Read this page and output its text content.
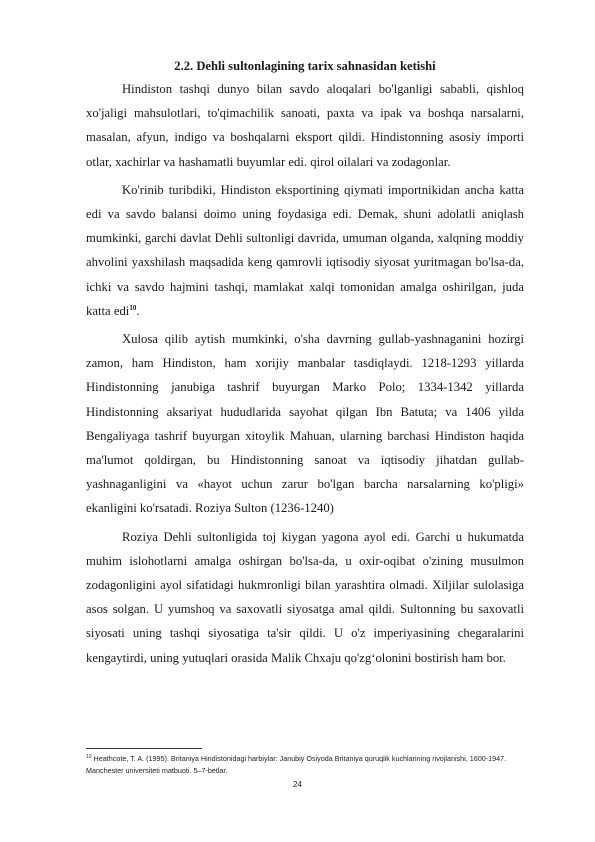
2.2. Dehli sultonlagining tarix sahnasidan ketishi

Hindiston tashqi dunyo bilan savdo aloqalari bo'lganligi sababli, qishloq xo'jaligi mahsulotlari, to'qimachilik sanoati, paxta va ipak va boshqa narsalarni, masalan, afyun, indigo va boshqalarni eksport qildi. Hindistonning asosiy importi otlar, xachirlar va hashamatli buyumlar edi. qirol oilalari va zodagonlar.

Ko'rinib turibdiki, Hindiston eksportining qiymati importnikidan ancha katta edi va savdo balansi doimo uning foydasiga edi. Demak, shuni adolatli aniqlash mumkinki, garchi davlat Dehli sultonligi davrida, umuman olganda, xalqning moddiy ahvolini yaxshilash maqsadida keng qamrovli iqtisodiy siyosat yuritmagan bo'lsa-da, ichki va savdo hajmini tashqi, mamlakat xalqi tomonidan amalga oshirilgan, juda katta edi$^{10}$.

Xulosa qilib aytish mumkinki, o'sha davrning gullab-yashnaganini hozirgi zamon, ham Hindiston, ham xorijiy manbalar tasdiqlaydi. 1218-1293 yillarda Hindistonning janubiga tashrif buyurgan Marko Polo; 1334-1342 yillarda Hindistonning aksariyat hududlarida sayohat qilgan Ibn Batuta; va 1406 yilda Bengaliyaga tashrif buyurgan xitoylik Mahuan, ularning barchasi Hindiston haqida ma'lumot qoldirgan, bu Hindistonning sanoat va iqtisodiy jihatdan gullab-yashnaganligini va «hayot uchun zarur bo'lgan barcha narsalarning ko'pligi» ekanligini ko'rsatadi. Roziya Sulton (1236-1240)

Roziya Dehli sultonligida toj kiygan yagona ayol edi. Garchi u hukumatda muhim islohotlarni amalga oshirgan bo'lsa-da, u oxir-oqibat o'zining musulmon zodagonligini ayol sifatidagi hukmronligi bilan yarashtira olmadi. Xiljilar sulolasiga asos solgan. U yumshoq va saxovatli siyosatga amal qildi. Sultonning bu saxovatli siyosati uning tashqi siyosatiga ta'sir qildi. U o'z imperiyasining chegaralarini kengaytirdi, uning yutuqlari orasida Malik Chxaju qo'zg‘olonini bostirish ham bor.

$^{10}$ Heathcote, T. A. (1995). Britaniya Hindistonidagi harbiylar: Janubiy Osiyoda Britaniya quruqlik kuchlarining rivojlanishi, 1600-1947. Manchester universiteti matbuoti. 5–7-betlar.
24
